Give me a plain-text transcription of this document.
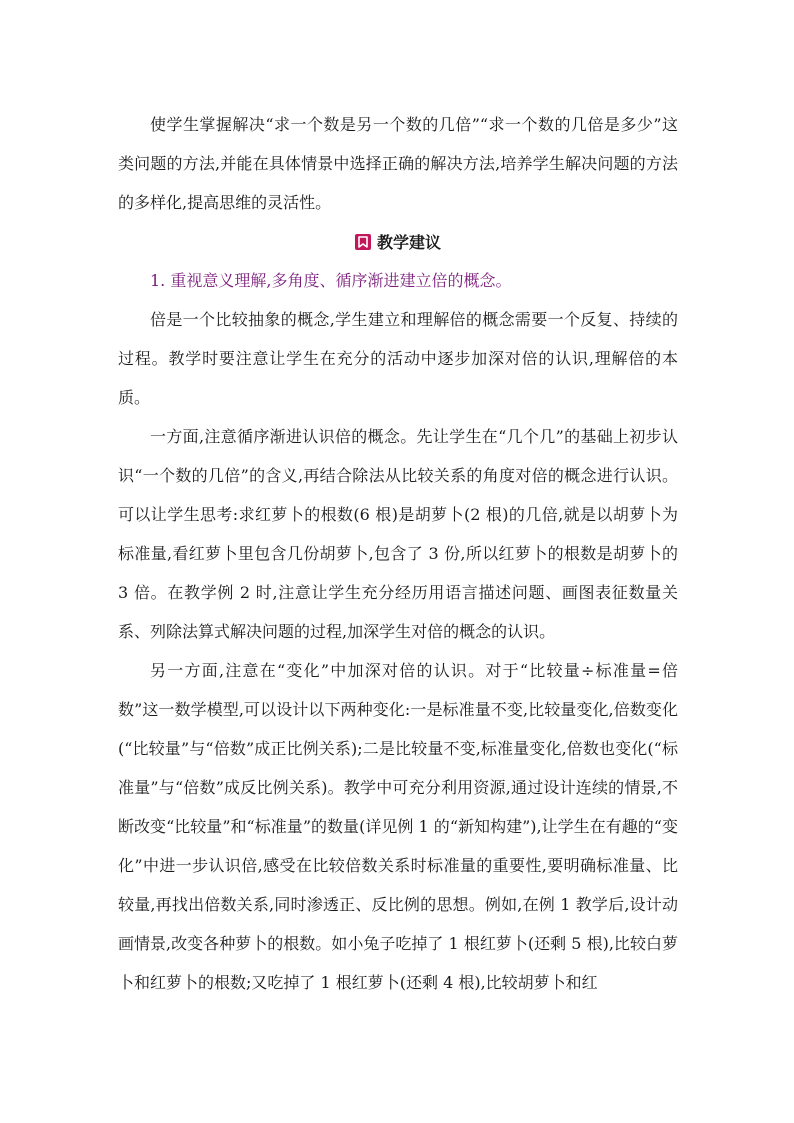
使学生掌握解决“求一个数是另一个数的几倍”“求一个数的几倍是多少”这类问题的方法,并能在具体情景中选择正确的解决方法,培养学生解决问题的方法的多样化,提高思维的灵活性。

教学建议

1. 重视意义理解,多角度、循序渐进建立倍的概念。

倍是一个比较抽象的概念,学生建立和理解倍的概念需要一个反复、持续的过程。教学时要注意让学生在充分的活动中逐步加深对倍的认识,理解倍的本质。

一方面,注意循序渐进认识倍的概念。先让学生在“几个几”的基础上初步认识“一个数的几倍”的含义,再结合除法从比较关系的角度对倍的概念进行认识。可以让学生思考:求红萝卜的根数(6 根)是胡萝卜(2 根)的几倍,就是以胡萝卜为标准量,看红萝卜里包含几份胡萝卜,包含了 3 份,所以红萝卜的根数是胡萝卜的 3 倍。在教学例 2 时,注意让学生充分经历用语言描述问题、画图表征数量关系、列除法算式解决问题的过程,加深学生对倍的概念的认识。

另一方面,注意在“变化”中加深对倍的认识。对于“比较量÷标准量=倍数”这一数学模型,可以设计以下两种变化:一是标准量不变,比较量变化,倍数变化(“比较量”与“倍数”成正比例关系);二是比较量不变,标准量变化,倍数也变化(“标准量”与“倍数”成反比例关系)。教学中可充分利用资源,通过设计连续的情景,不断改变“比较量”和“标准量”的数量(详见例 1 的“新知构建”),让学生在有趣的“变化”中进一步认识倍,感受在比较倍数关系时标准量的重要性,要明确标准量、比较量,再找出倍数关系,同时渗透正、反比例的思想。例如,在例 1 教学后,设计动画情景,改变各种萝卜的根数。如小兔子吃掉了 1 根红萝卜(还剩 5 根),比较白萝卜和红萝卜的根数;又吃掉了 1 根红萝卜(还剩 4 根),比较胡萝卜和红
